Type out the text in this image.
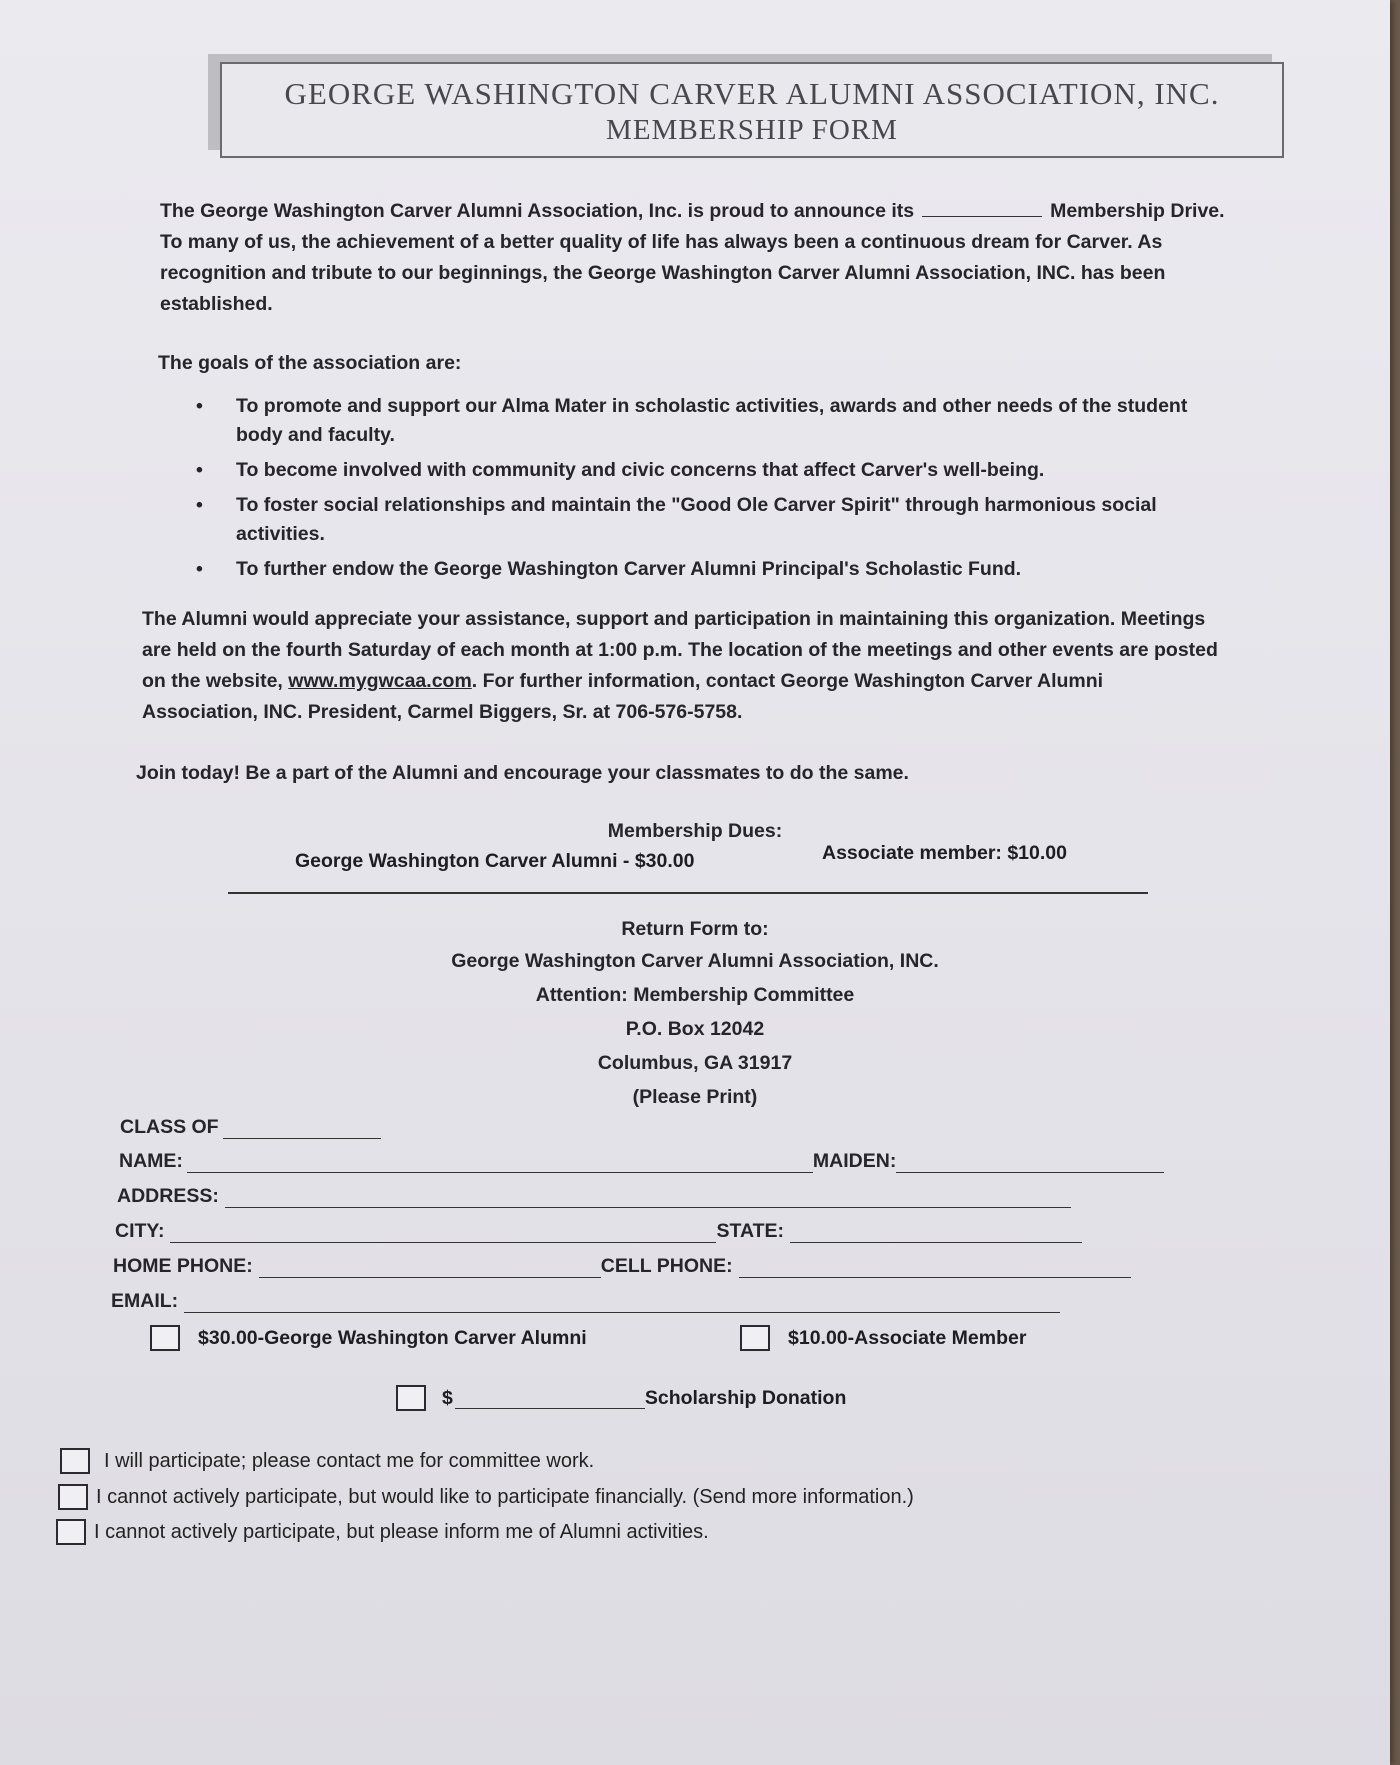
GEORGE WASHINGTON CARVER ALUMNI ASSOCIATION, INC.
MEMBERSHIP FORM
The George Washington Carver Alumni Association, Inc. is proud to announce its	Membership Drive. To many of us, the achievement of a better quality of life has always been a continuous dream for Carver. As recognition and tribute to our beginnings, the George Washington Carver Alumni Association, INC. has been established.
The goals of the association are:
• To promote and support our Alma Mater in scholastic activities, awards and other needs of the student body and faculty.
• To become involved with community and civic concerns that affect Carver's well-being.
• To foster social relationships and maintain the "Good Ole Carver Spirit" through harmonious social activities.
• To further endow the George Washington Carver Alumni Principal's Scholastic Fund.
The Alumni would appreciate your assistance, support and participation in maintaining this organization. Meetings are held on the fourth Saturday of each month at 1:00 p.m. The location of the meetings and other events are posted on the website, www.mygwcaa.com. For further information, contact George Washington Carver Alumni Association, INC. President, Carmel Biggers, Sr. at 706-576-5758.
Join today! Be a part of the Alumni and encourage your classmates to do the same.
Membership Dues:
George Washington Carver Alumni - $30.00	Associate member: $10.00
Return Form to:
George Washington Carver Alumni Association, INC.
Attention: Membership Committee
P.O. Box 12042
Columbus, GA 31917
(Please Print)
CLASS OF
NAME:	MAIDEN:
ADDRESS:
CITY:	STATE:
HOME PHONE:	CELL PHONE:
EMAIL:
$30.00-George Washington Carver Alumni	$10.00-Associate Member
$	Scholarship Donation
I will participate; please contact me for committee work.
I cannot actively participate, but would like to participate financially. (Send more information.)
I cannot actively participate, but please inform me of Alumni activities.
